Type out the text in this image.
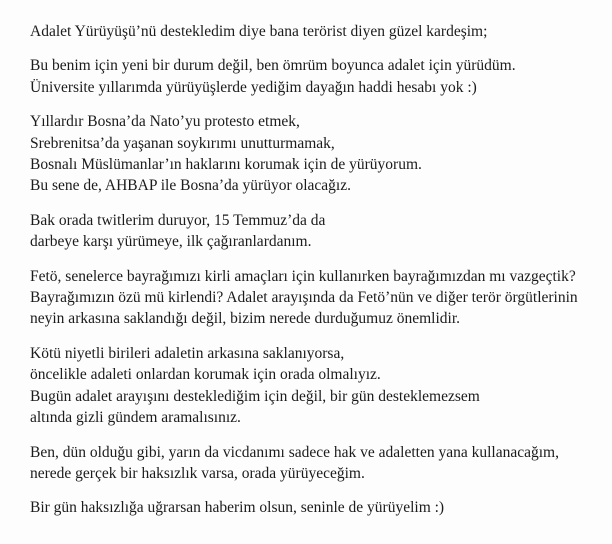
Adalet Yürüyüşü’nü destekledim diye bana terörist diyen güzel kardeşim;

Bu benim için yeni bir durum değil, ben ömrüm boyunca adalet için yürüdüm.
Üniversite yıllarımda yürüyüşlerde yediğim dayağın haddi hesabı yok :)

Yıllardır Bosna’da Nato’yu protesto etmek,
Srebrenitsa’da yaşanan soykırımı unutturmamak,
Bosnalı Müslümanlar’ın haklarını korumak için de yürüyorum.
Bu sene de, AHBAP ile Bosna’da yürüyor olacağız.

Bak orada twitlerim duruyor, 15 Temmuz’da da
darbeye karşı yürümeye, ilk çağıranlardanım.

Fetö, senelerce bayrağımızı kirli amaçları için kullanırken bayrağımızdan mı vazgeçtik?
Bayrağımızın özü mü kirlendi? Adalet arayışında da Fetö’nün ve diğer terör örgütlerinin
neyin arkasına saklandığı değil, bizim nerede durduğumuz önemlidir.

Kötü niyetli birileri adaletin arkasına saklanıyorsa,
öncelikle adaleti onlardan korumak için orada olmalıyız.
Bugün adalet arayışını desteklediğim için değil, bir gün desteklemezsem
altında gizli gündem aramalısınız.

Ben, dün olduğu gibi, yarın da vicdanımı sadece hak ve adaletten yana kullanacağım,
nerede gerçek bir haksızlık varsa, orada yürüyeceğim.

Bir gün haksızlığa uğrarsan haberim olsun, seninle de yürüyelim :)
